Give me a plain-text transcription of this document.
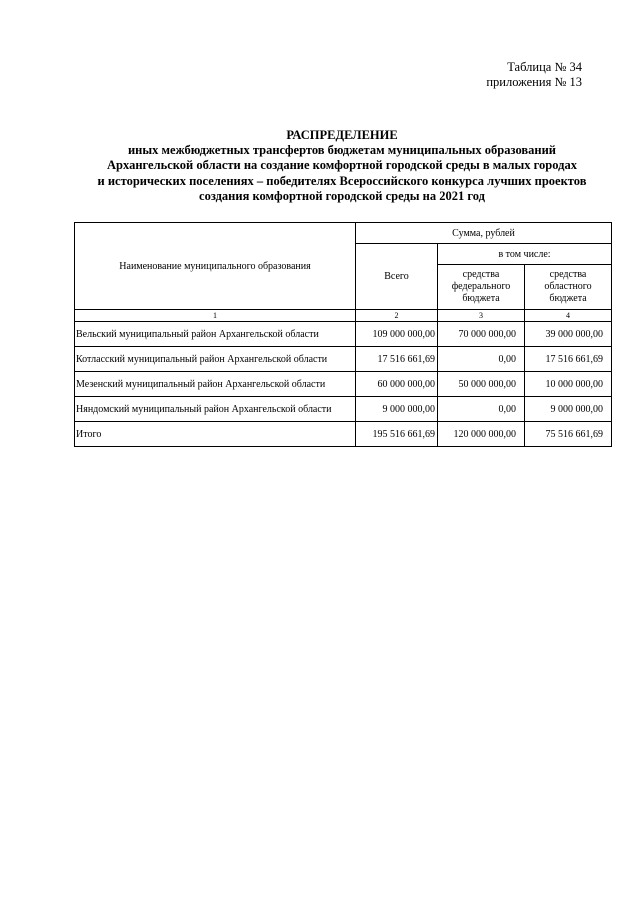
Таблица № 34
приложения № 13
РАСПРЕДЕЛЕНИЕ
иных межбюджетных трансфертов бюджетам муниципальных образований
Архангельской области на создание комфортной городской среды в малых городах
и исторических поселениях – победителях Всероссийского конкурса лучших проектов
создания комфортной городской среды на 2021 год
Наименование муниципального образования	Сумма, рублей		
	Всего	в том числе:	
		средства федерального бюджета	средства областного бюджета
1	2	3	4
Вельский муниципальный район Архангельской области	109 000 000,00	70 000 000,00	39 000 000,00
Котласский муниципальный район Архангельской области	17 516 661,69	0,00	17 516 661,69
Мезенский муниципальный район Архангельской области	60 000 000,00	50 000 000,00	10 000 000,00
Няндомский муниципальный район Архангельской области	9 000 000,00	0,00	9 000 000,00
Итого	195 516 661,69	120 000 000,00	75 516 661,69
